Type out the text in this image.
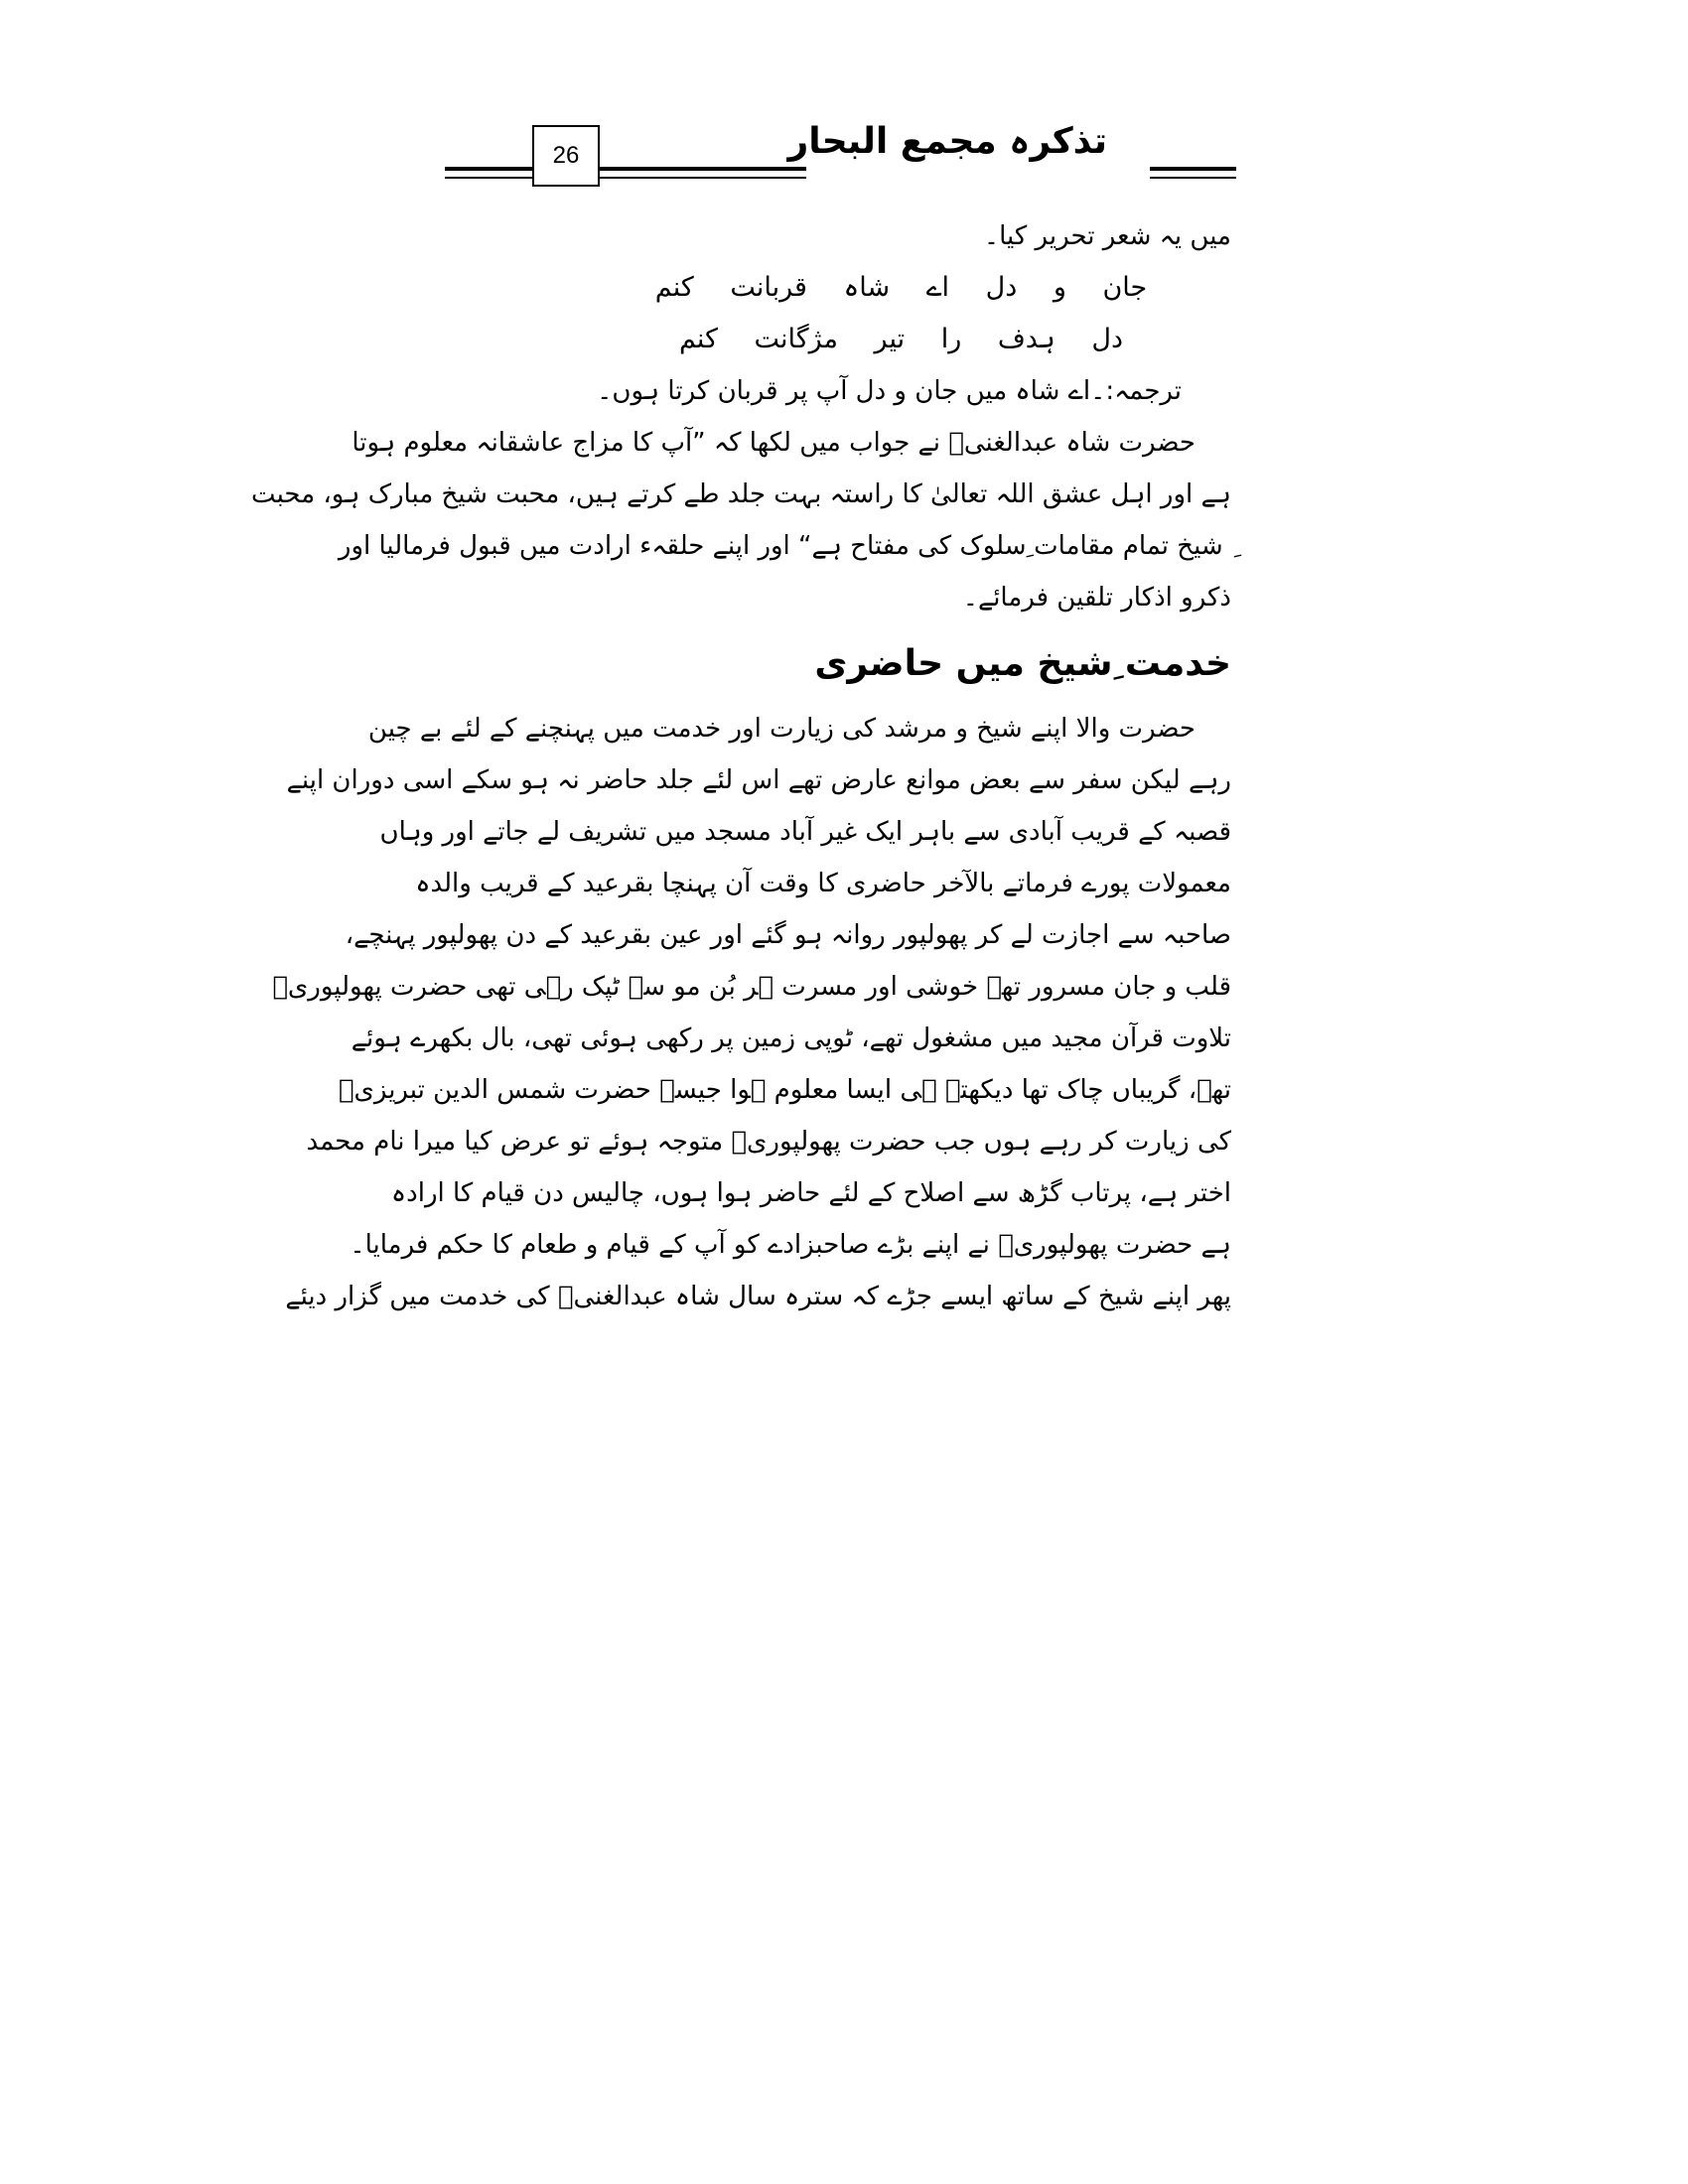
26	تذکرہ مجمع البحار
میں یہ شعر تحریر کیا۔
جان و دل اے شاہ قربانت کنم
دل ہدف را تیر مژگانت کنم
ترجمہ:۔اے شاہ میں جان و دل آپ پر قربان کرتا ہوں۔
حضرت شاہ عبدالغنیؒ نے جواب میں لکھا کہ ”آپ کا مزاج عاشقانہ معلوم ہوتا
ہے اور اہل عشق اللہ تعالیٰ کا راستہ بہت جلد طے کرتے ہیں، محبت شیخ مبارک ہو، محبت
ِ شیخ تمام مقامات ِسلوک کی مفتاح ہے“ اور اپنے حلقہء ارادت میں قبول فرمالیا اور
ذکرو اذکار تلقین فرمائے۔
خدمت ِشیخ میں حاضری
حضرت والا اپنے شیخ و مرشد کی زیارت اور خدمت میں پہنچنے کے لئے بے چین
رہے لیکن سفر سے بعض موانع عارض تھے اس لئے جلد حاضر نہ ہو سکے اسی دوران اپنے
قصبہ کے قریب آبادی سے باہر ایک غیر آباد مسجد میں تشریف لے جاتے اور وہاں
معمولات پورے فرماتے بالآخر حاضری کا وقت آن پہنچا بقرعید کے قریب والدہ
صاحبہ سے اجازت لے کر پھولپور روانہ ہو گئے اور عین بقرعید کے دن پھولپور پہنچے،
قلب و جان مسرور تھے خوشی اور مسرت ہر بُن مو سے ٹپک رہی تھی حضرت پھولپوریؒ
تلاوت قرآن مجید میں مشغول تھے، ٹوپی زمین پر رکھی ہوئی تھی، بال بکھرے ہوئے
تھے، گریباں چاک تھا دیکھتے ہی ایسا معلوم ہوا جیسے حضرت شمس الدین تبریزیؒ
کی زیارت کر رہے ہوں جب حضرت پھولپوریؒ متوجہ ہوئے تو عرض کیا میرا نام محمد
اختر ہے، پرتاب گڑھ سے اصلاح کے لئے حاضر ہوا ہوں، چالیس دن قیام کا ارادہ
ہے حضرت پھولپوریؒ نے اپنے بڑے صاحبزادے کو آپ کے قیام و طعام کا حکم فرمایا۔
پھر اپنے شیخ کے ساتھ ایسے جڑے کہ سترہ سال شاہ عبدالغنیؒ کی خدمت میں گزار دیئے
